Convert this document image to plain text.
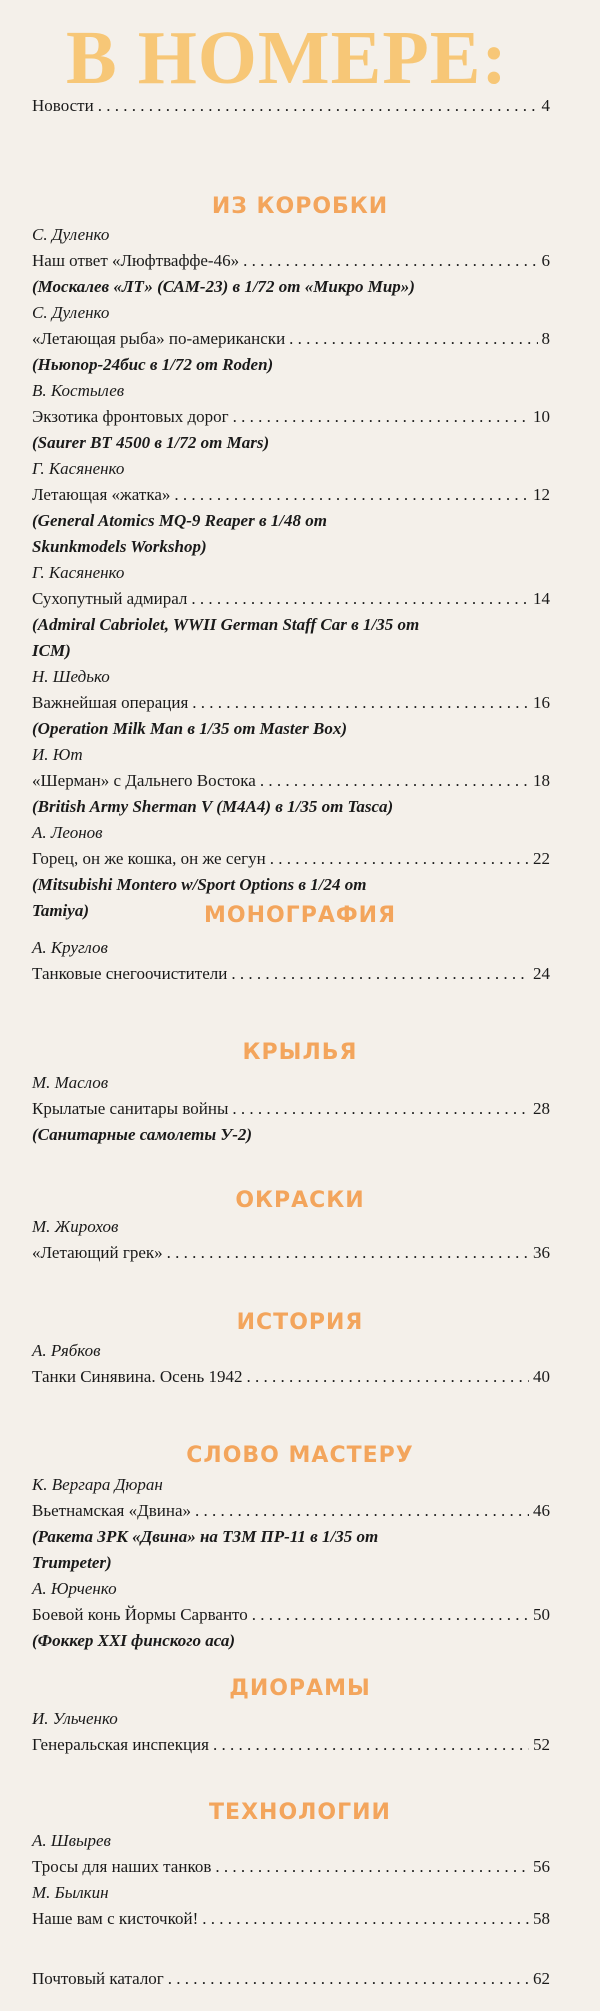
В НОМЕРЕ:
Новости . . .	4
ИЗ КОРОБКИ
С. Дуленко
Наш ответ «Люфтваффе-46» . . .	6
(Москалев «ЛТ» (САМ-23) в 1/72 от «Микро Мир»)
С. Дуленко
«Летающая рыба» по-американски . . .	8
(Ньюпор-24бис в 1/72 от Roden)
В. Костылев
Экзотика фронтовых дорог . . .	10
(Saurer BT 4500 в 1/72 от Mars)
Г. Касяненко
Летающая «жатка» . . .	12
(General Atomics MQ-9 Reaper в 1/48 от
Skunkmodels Workshop)
Г. Касяненко
Сухопутный адмирал . . .	14
(Admiral Cabriolet, WWII German Staff Car в 1/35 от
ICM)
Н. Шедько
Важнейшая операция . . .	16
(Operation Milk Man в 1/35 от Master Box)
И. Ют
«Шерман» с Дальнего Востока . . .	18
(British Army Sherman V (M4A4) в 1/35 от Tasca)
А. Леонов
Горец, он же кошка, он же сегун . . .	22
(Mitsubishi Montero w/Sport Options в 1/24 от
Tamiya)	МОНОГРАФИЯ
А. Круглов
Танковые снегоочистители . . .	24
КРЫЛЬЯ
М. Маслов
Крылатые санитары войны . . .	28
(Санитарные самолеты У-2)
ОКРАСКИ
М. Жирохов
«Летающий грек» . . .	36
ИСТОРИЯ
А. Рябков
Танки Синявина. Осень 1942 . . .	40
СЛОВО МАСТЕРУ
К. Вергара Дюран
Вьетнамская «Двина» . . .	46
(Ракета ЗРК «Двина» на ТЗМ ПР-11 в 1/35 от
Trumpeter)
А. Юрченко
Боевой конь Йормы Сарванто . . .	50
(Фоккер XXI финского аса)
ДИОРАМЫ
И. Ульченко
Генеральская инспекция . . .	52
ТЕХНОЛОГИИ
А. Швырев
Тросы для наших танков . . .	56
М. Былкин
Наше вам с кисточкой! . . .	58
Почтовый каталог . . .	62
